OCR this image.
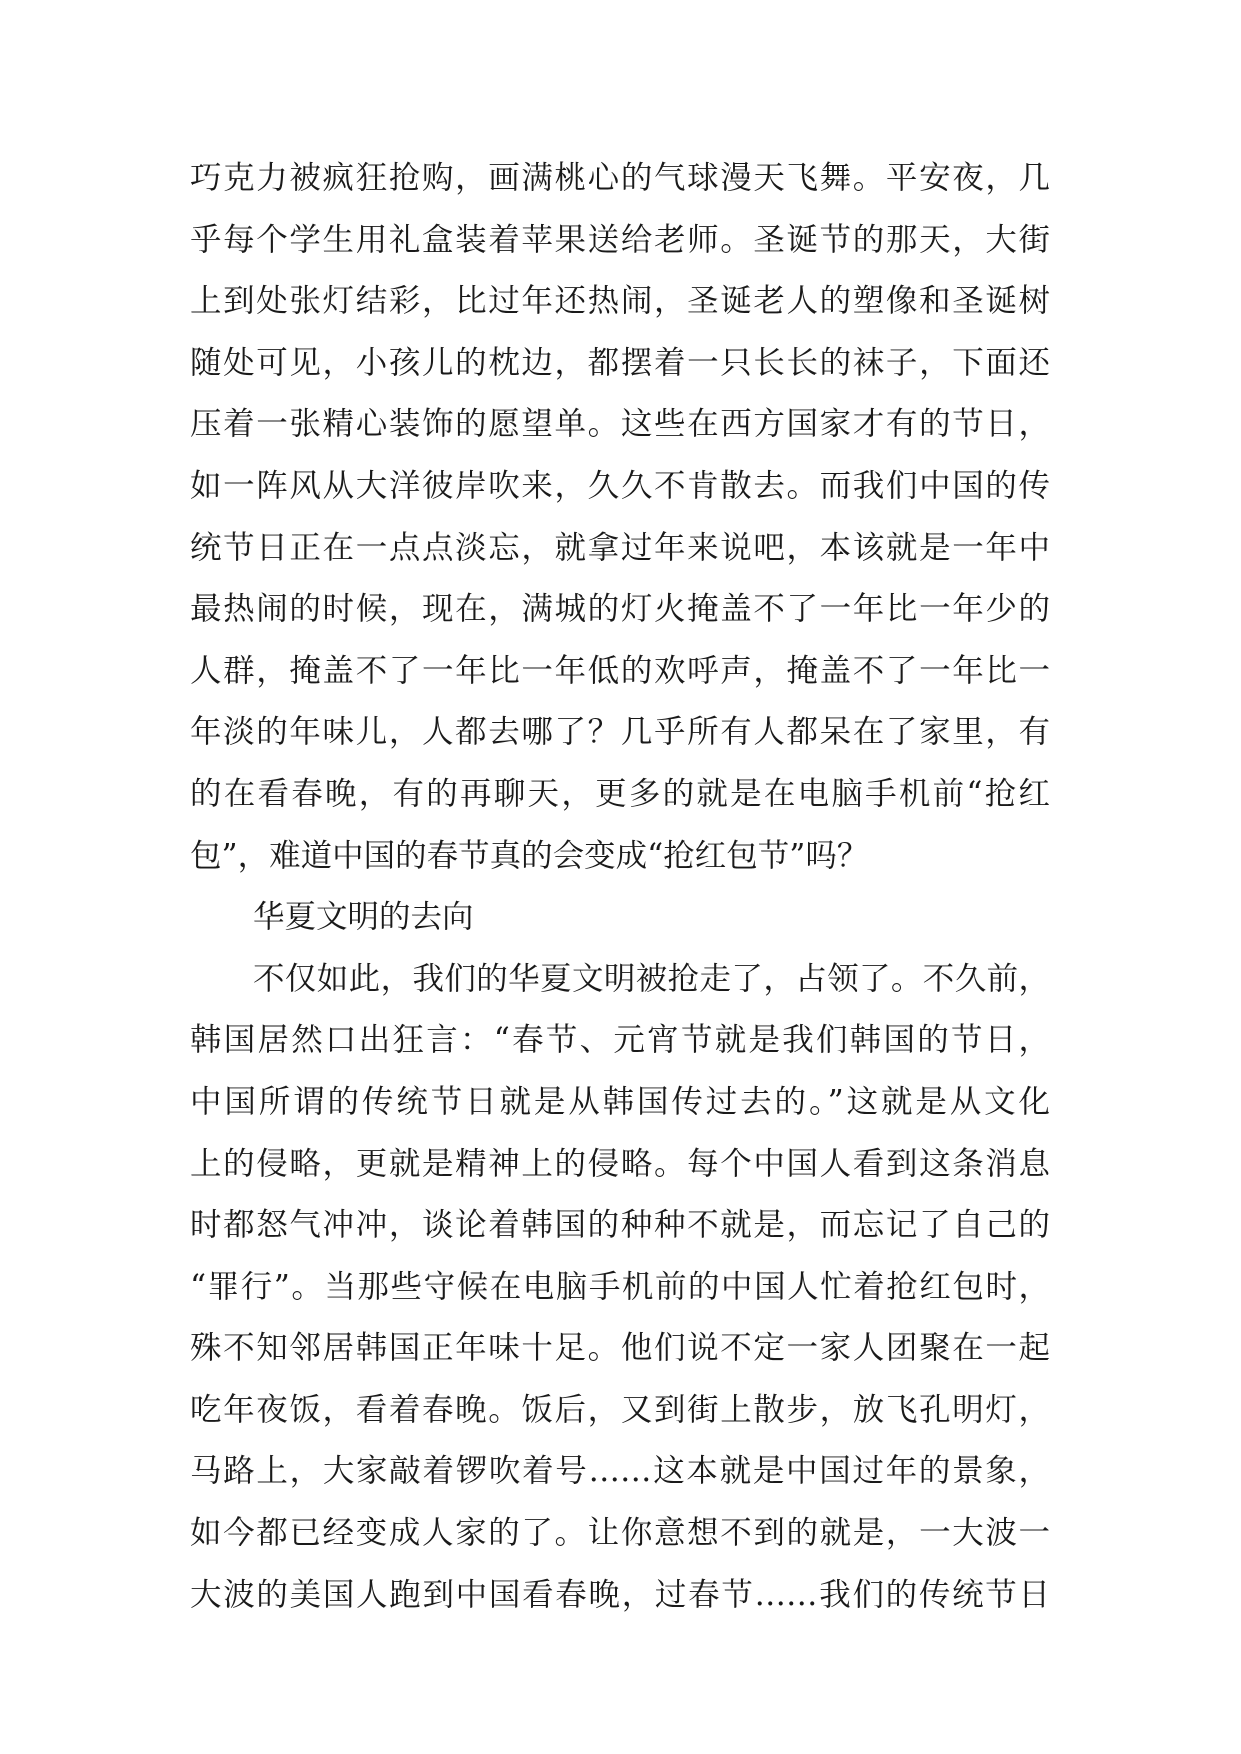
巧克力被疯狂抢购，画满桃心的气球漫天飞舞。平安夜，几
乎每个学生用礼盒装着苹果送给老师。圣诞节的那天，大街
上到处张灯结彩，比过年还热闹，圣诞老人的塑像和圣诞树
随处可见，小孩儿的枕边，都摆着一只长长的袜子，下面还
压着一张精心装饰的愿望单。这些在西方国家才有的节日，
如一阵风从大洋彼岸吹来，久久不肯散去。而我们中国的传
统节日正在一点点淡忘，就拿过年来说吧，本该就是一年中
最热闹的时候，现在，满城的灯火掩盖不了一年比一年少的
人群，掩盖不了一年比一年低的欢呼声，掩盖不了一年比一
年淡的年味儿，人都去哪了？几乎所有人都呆在了家里，有
的在看春晚，有的再聊天，更多的就是在电脑手机前“抢红
包”，难道中国的春节真的会变成“抢红包节”吗？
华夏文明的去向
不仅如此，我们的华夏文明被抢走了，占领了。不久前，
韩国居然口出狂言：“春节、元宵节就是我们韩国的节日，
中国所谓的传统节日就是从韩国传过去的。”这就是从文化
上的侵略，更就是精神上的侵略。每个中国人看到这条消息
时都怒气冲冲，谈论着韩国的种种不就是，而忘记了自己的
“罪行”。当那些守候在电脑手机前的中国人忙着抢红包时，
殊不知邻居韩国正年味十足。他们说不定一家人团聚在一起
吃年夜饭，看着春晚。饭后，又到街上散步，放飞孔明灯，
马路上，大家敲着锣吹着号……这本就是中国过年的景象，
如今都已经变成人家的了。让你意想不到的就是，一大波一
大波的美国人跑到中国看春晚，过春节……我们的传统节日
